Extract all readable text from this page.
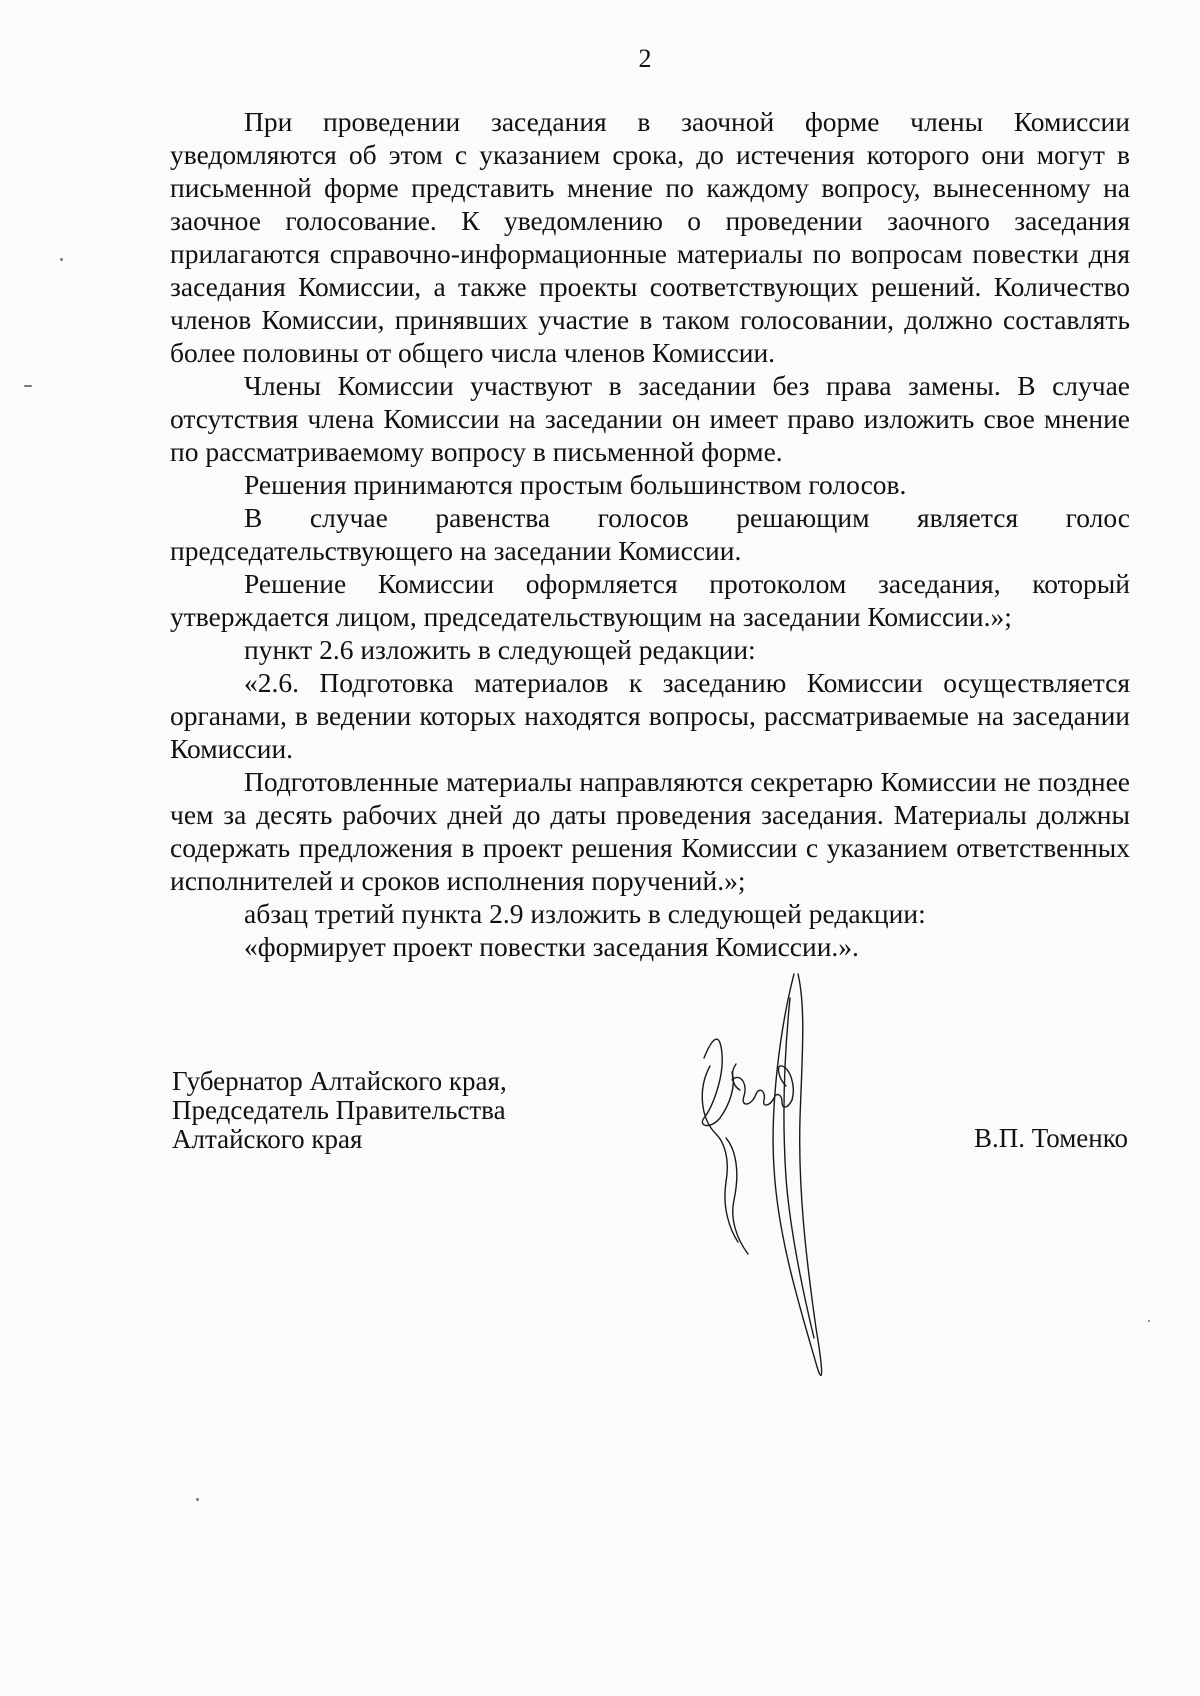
2

При проведении заседания в заочной форме члены Комиссии уведомляются об этом с указанием срока, до истечения которого они могут в письменной форме представить мнение по каждому вопросу, вынесенному на заочное голосование. К уведомлению о проведении заочного заседания прилагаются справочно-информационные материалы по вопросам повестки дня заседания Комиссии, а также проекты соответствующих решений. Количество членов Комиссии, принявших участие в таком голосовании, должно составлять более половины от общего числа членов Комиссии.

Члены Комиссии участвуют в заседании без права замены. В случае отсутствия члена Комиссии на заседании он имеет право изложить свое мнение по рассматриваемому вопросу в письменной форме.

Решения принимаются простым большинством голосов.

В случае равенства голосов решающим является голос председательствующего на заседании Комиссии.

Решение Комиссии оформляется протоколом заседания, который утверждается лицом, председательствующим на заседании Комиссии.»;

пункт 2.6 изложить в следующей редакции:

«2.6. Подготовка материалов к заседанию Комиссии осуществляется органами, в ведении которых находятся вопросы, рассматриваемые на заседании Комиссии.

Подготовленные материалы направляются секретарю Комиссии не позднее чем за десять рабочих дней до даты проведения заседания. Материалы должны содержать предложения в проект решения Комиссии с указанием ответственных исполнителей и сроков исполнения поручений.»;

абзац третий пункта 2.9 изложить в следующей редакции:

«формирует проект повестки заседания Комиссии.».

Губернатор Алтайского края,
Председатель Правительства
Алтайского края	В.П. Томенко
